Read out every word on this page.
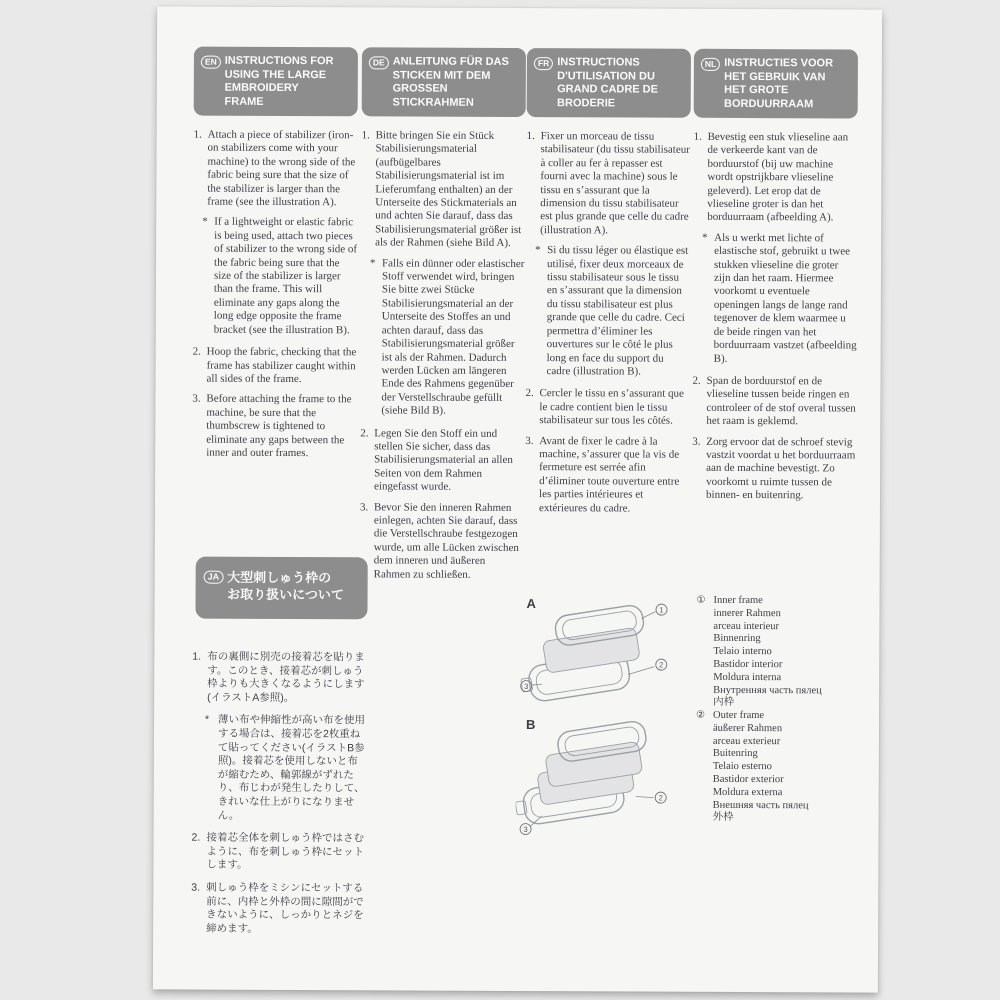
EN INSTRUCTIONS FOR
USING THE LARGE
EMBROIDERY
FRAME
1. Attach a piece of stabilizer (iron-on stabilizers come with your machine) to the wrong side of the fabric being sure that the size of the stabilizer is larger than the frame (see the illustration A).
* If a lightweight or elastic fabric is being used, attach two pieces of stabilizer to the wrong side of the fabric being sure that the size of the stabilizer is larger than the frame. This will eliminate any gaps along the long edge opposite the frame bracket (see the illustration B).
2. Hoop the fabric, checking that the frame has stabilizer caught within all sides of the frame.
3. Before attaching the frame to the machine, be sure that the thumbscrew is tightened to eliminate any gaps between the inner and outer frames.
DE ANLEITUNG FÜR DAS
STICKEN MIT DEM
GROSSEN
STICKRAHMEN
1. Bitte bringen Sie ein Stück Stabilisierungsmaterial (aufbügelbares Stabilisierungsmaterial ist im Lieferumfang enthalten) an der Unterseite des Stickmaterials an und achten Sie darauf, dass das Stabilisierungsmaterial größer ist als der Rahmen (siehe Bild A).
* Falls ein dünner oder elastischer Stoff verwendet wird, bringen Sie bitte zwei Stücke Stabilisierungsmaterial an der Unterseite des Stoffes an und achten darauf, dass das Stabilisierungsmaterial größer ist als der Rahmen. Dadurch werden Lücken am längeren Ende des Rahmens gegenüber der Verstellschraube gefüllt (siehe Bild B).
2. Legen Sie den Stoff ein und stellen Sie sicher, dass das Stabilisierungsmaterial an allen Seiten von dem Rahmen eingefasst wurde.
3. Bevor Sie den inneren Rahmen einlegen, achten Sie darauf, dass die Verstellschraube festgezogen wurde, um alle Lücken zwischen dem inneren und äußeren Rahmen zu schließen.
FR INSTRUCTIONS
D'UTILISATION DU
GRAND CADRE DE
BRODERIE
1. Fixer un morceau de tissu stabilisateur (du tissu stabilisateur à coller au fer à repasser est fourni avec la machine) sous le tissu en s’assurant que la dimension du tissu stabilisateur est plus grande que celle du cadre (illustration A).
* Si du tissu léger ou élastique est utilisé, fixer deux morceaux de tissu stabilisateur sous le tissu en s’assurant que la dimension du tissu stabilisateur est plus grande que celle du cadre. Ceci permettra d’éliminer les ouvertures sur le côté le plus long en face du support du cadre (illustration B).
2. Cercler le tissu en s’assurant que le cadre contient bien le tissu stabilisateur sur tous les côtés.
3. Avant de fixer le cadre à la machine, s’assurer que la vis de fermeture est serrée afin d’éliminer toute ouverture entre les parties intérieures et extérieures du cadre.
NL INSTRUCTIES VOOR
HET GEBRUIK VAN
HET GROTE
BORDUURRAAM
1. Bevestig een stuk vlieseline aan de verkeerde kant van de borduurstof (bij uw machine wordt opstrijkbare vlieseline geleverd). Let erop dat de vlieseline groter is dan het borduurraam (afbeelding A).
* Als u werkt met lichte of elastische stof, gebruikt u twee stukken vlieseline die groter zijn dan het raam. Hiermee voorkomt u eventuele openingen langs de lange rand tegenover de klem waarmee u de beide ringen van het borduurraam vastzet (afbeelding B).
2. Span de borduurstof en de vlieseline tussen beide ringen en controleer of de stof overal tussen het raam is geklemd.
3. Zorg ervoor dat de schroef stevig vastzit voordat u het borduurraam aan de machine bevestigt. Zo voorkomt u ruimte tussen de binnen- en buitenring.
JA 大型刺しゅう枠の
お取り扱いについて
1. 布の裏側に別売の接着芯を貼ります。このとき、接着芯が刺しゅう枠よりも大きくなるようにします(イラストA参照)。
* 薄い布や伸縮性が高い布を使用する場合は、接着芯を2枚重ねて貼ってください(イラストB参照)。接着芯を使用しないと布が縮むため、輪郭線がずれたり、布じわが発生したりして、きれいな仕上がりになりません。
2. 接着芯全体を刺しゅう枠ではさむように、布を刺しゅう枠にセットします。
3. 刺しゅう枠をミシンにセットする前に、内枠と外枠の間に隙間ができないように、しっかりとネジを締めます。
A	1
2
3
B
2
3
① Inner frame
innerer Rahmen
arceau interieur
Binnenring
Telaio interno
Bastidor interior
Moldura interna
Внутренняя часть пялец
内枠
② Outer frame
äußerer Rahmen
arceau exterieur
Buitenring
Telaio esterno
Bastidor exterior
Moldura externa
Внешняя часть пялец
外枠
